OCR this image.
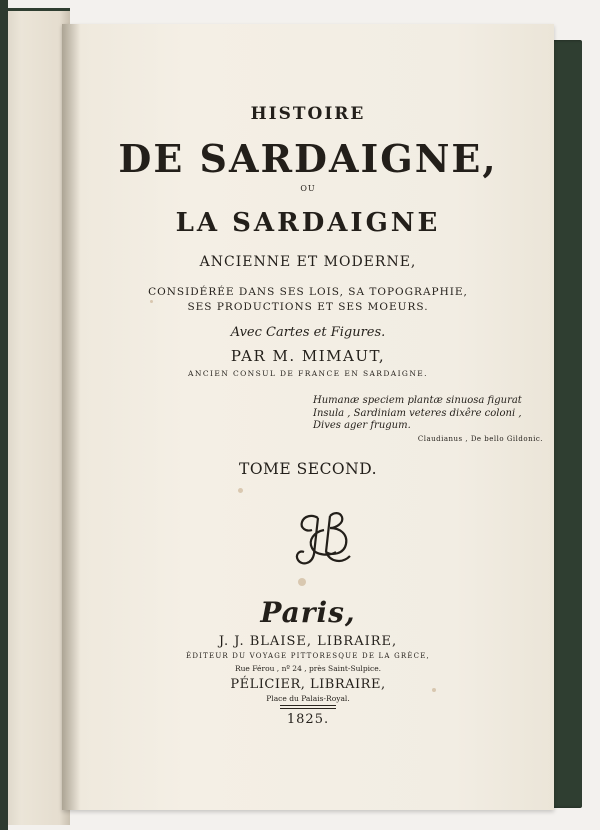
HISTOIRE
DE SARDAIGNE,
OU
LA SARDAIGNE
ANCIENNE ET MODERNE,
CONSIDÉRÉE DANS SES LOIS, SA TOPOGRAPHIE,
SES PRODUCTIONS ET SES MOEURS.
Avec Cartes et Figures.
PAR M. MIMAUT,
ANCIEN CONSUL DE FRANCE EN SARDAIGNE.
Humanæ speciem plantæ sinuosa figurat
Insula , Sardiniam veteres dixêre coloni ,
Dives ager frugum.
Claudianus , De bello Gildonic.
TOME SECOND.
Paris,
J. J. BLAISE, LIBRAIRE,
ÉDITEUR DU VOYAGE PITTORESQUE DE LA GRÈCE,
Rue Férou , nº 24 , près Saint-Sulpice.
PÉLICIER, LIBRAIRE,
Place du Palais-Royal.
1825.
